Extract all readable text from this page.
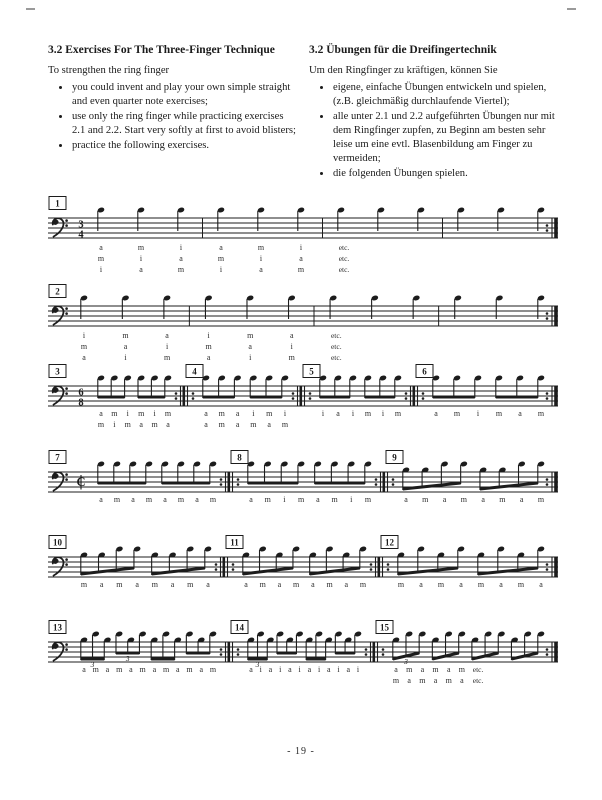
3.2 Exercises For The Three-Finger Technique

To strengthen the ring finger

• you could invent and play your own simple straight and even quarter note exercises;
• use only the ring finger while practicing exercises 2.1 and 2.2. Start very softly at first to avoid blisters;
• practice the following exercises.
3.2 Übungen für die Dreifingertechnik

Um den Ringfinger zu kräftigen, können Sie

• eigene, einfache Übungen entwickeln und spielen, (z.B. gleichmäßig durchlaufende Viertel);
• alle unter 2.1 und 2.2 aufgeführten Übungen nur mit dem Ringfinger zupfen, zu Beginn am besten sehr leise um eine evtl. Blasenbildung am Finger zu vermeiden;
• die folgenden Übungen spielen.
1
3
4
a	m	i	a	m	i	etc.
m	i	a	m	i	a	etc.
i	a	m	i	a	m	etc.
2
i	m	a	i	m	a	etc.
m	a	i	m	a	i	etc.
a	i	m	a	i	m	etc.
3
6
8
a m i m i m
m i m a m a
4
a m a i m i
a m a m a m
5
i a i m i m
6
a m i m a m
7
C
a m a m a m a m
8
a m i m a m i m
9
a m a m a m a m
10
m a m a m a m a
11
a m a m a m a m
12
m a m a m a m a
13
3
3
a m a m a m a m a m a m
14
3
a i a i a i a i a i a i
15
3
a m a m a m etc.
m a m a m a etc.
- 19 -
